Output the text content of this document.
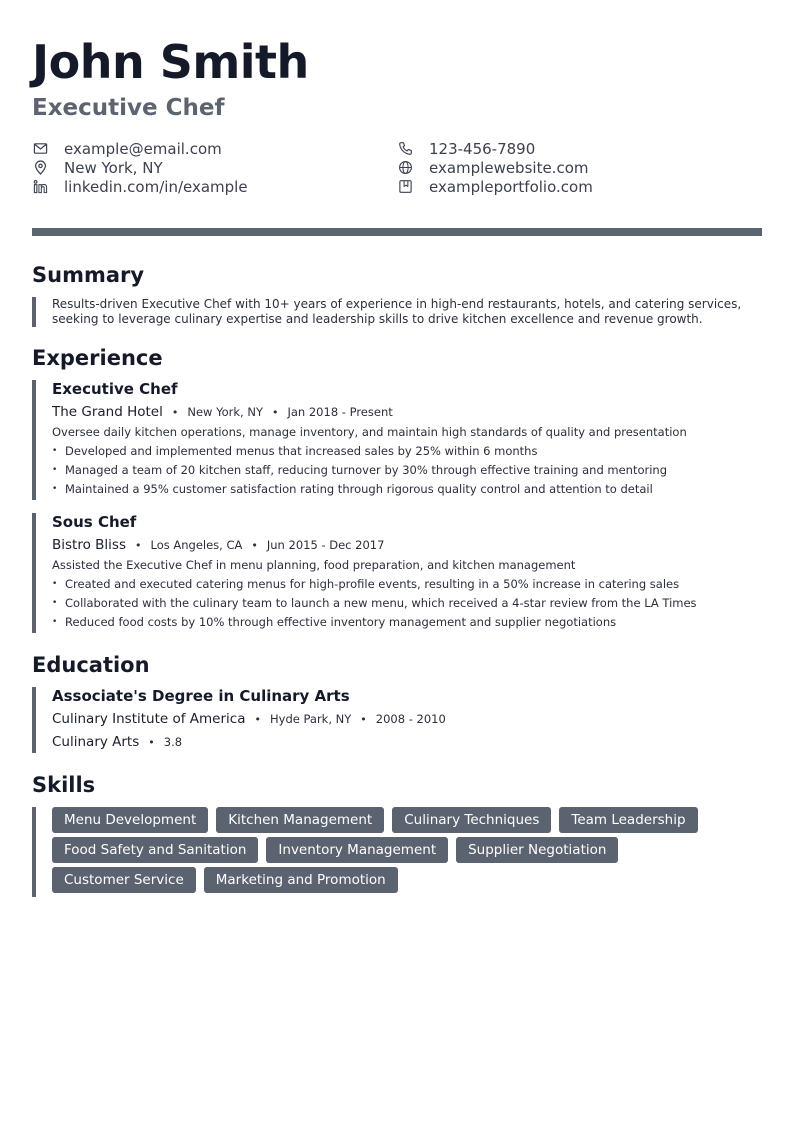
John Smith
Executive Chef
example@email.com
New York, NY
linkedin.com/in/example
123-456-7890
examplewebsite.com
exampleportfolio.com
Summary
Results-driven Executive Chef with 10+ years of experience in high-end restaurants, hotels, and catering services, seeking to leverage culinary expertise and leadership skills to drive kitchen excellence and revenue growth.
Experience
Executive Chef
The Grand Hotel • New York, NY • Jan 2018 - Present
Oversee daily kitchen operations, manage inventory, and maintain high standards of quality and presentation
• Developed and implemented menus that increased sales by 25% within 6 months
• Managed a team of 20 kitchen staff, reducing turnover by 30% through effective training and mentoring
• Maintained a 95% customer satisfaction rating through rigorous quality control and attention to detail
Sous Chef
Bistro Bliss • Los Angeles, CA • Jun 2015 - Dec 2017
Assisted the Executive Chef in menu planning, food preparation, and kitchen management
• Created and executed catering menus for high-profile events, resulting in a 50% increase in catering sales
• Collaborated with the culinary team to launch a new menu, which received a 4-star review from the LA Times
• Reduced food costs by 10% through effective inventory management and supplier negotiations
Education
Associate's Degree in Culinary Arts
Culinary Institute of America • Hyde Park, NY • 2008 - 2010
Culinary Arts • 3.8
Skills
Menu Development	Kitchen Management	Culinary Techniques	Team Leadership
Food Safety and Sanitation	Inventory Management	Supplier Negotiation
Customer Service	Marketing and Promotion
